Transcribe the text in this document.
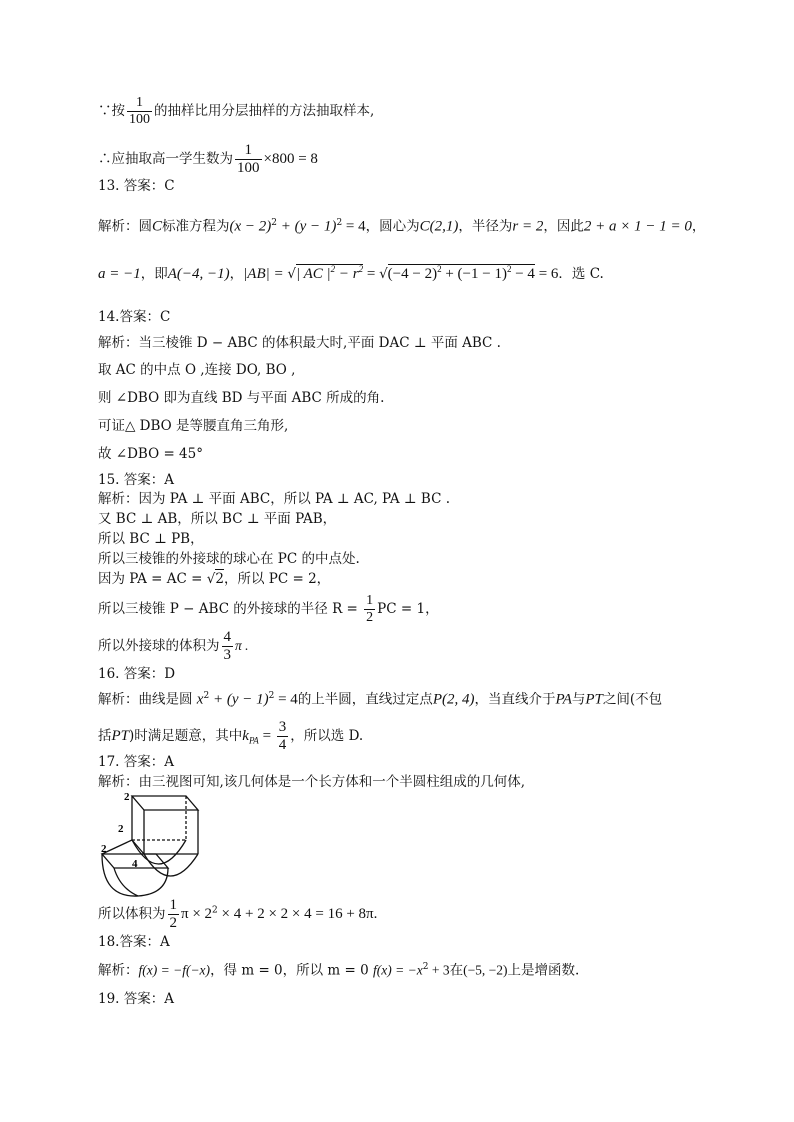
∵按 $\frac{1}{100}$ 的抽样比用分层抽样的方法抽取样本,
∴应抽取高一学生数为 $\frac{1}{100} \times 800 = 8$
13. 答案：C
解析：圆C标准方程为$(x - 2)^2 + (y - 1)^2 = 4$，圆心为C(2,1)，半径为r = 2，因此2 + a × 1 − 1 = 0，
a = −1，即A(−4, −1)，|AB| = √| AC $|^2 - r^2 = √(-4 - 2)^2 + (-1 - 1)^2 - 4 = 6$．选 C.
14.答案：C
解析：当三棱锥 D − ABC 的体积最大时,平面 DAC ⊥ 平面 ABC .
取 AC 的中点 O ,连接 DO, BO ,
则 ∠DBO 即为直线 BD 与平面 ABC 所成的角.
可证△ DBO 是等腰直角三角形,
故 ∠DBO = 45°
15. 答案：A
解析：因为 PA ⊥ 平面 ABC，所以 PA ⊥ AC, PA ⊥ BC .
又 BC ⊥ AB，所以 BC ⊥ 平面 PAB，
所以 BC ⊥ PB，
所以三棱锥的外接球的球心在 PC 的中点处.
因为 PA = AC = √2，所以 PC = 2，
所以三棱锥 P − ABC 的外接球的半径 $R = \frac{1}{2}$ PC = 1，
所以外接球的体积为 $\frac{4}{3}$ π .
16. 答案：D
解析：曲线是圆 $x^2 + (y - 1)^2 = 4$的上半圆，直线过定点P(2, 4)，当直线介于PA与PT之间(不包
括PT)时满足题意，其中$k_{PA} = \frac{3}{4}$ ，所以选 D.
17. 答案：A
解析：由三视图可知,该几何体是一个长方体和一个半圆柱组成的几何体,
2
2
2
4
所以体积为 $\frac{1}{2}$ $\pi \times 2^2 \times 4 + 2 \times 2 \times 4 = 16 + 8\pi$.
18.答案：A
解析：f(x) = −f(−x)，得 m = 0，所以 m = 0 $f(x) = -x^2 + 3$在(−5, −2)上是增函数.
19. 答案：A
